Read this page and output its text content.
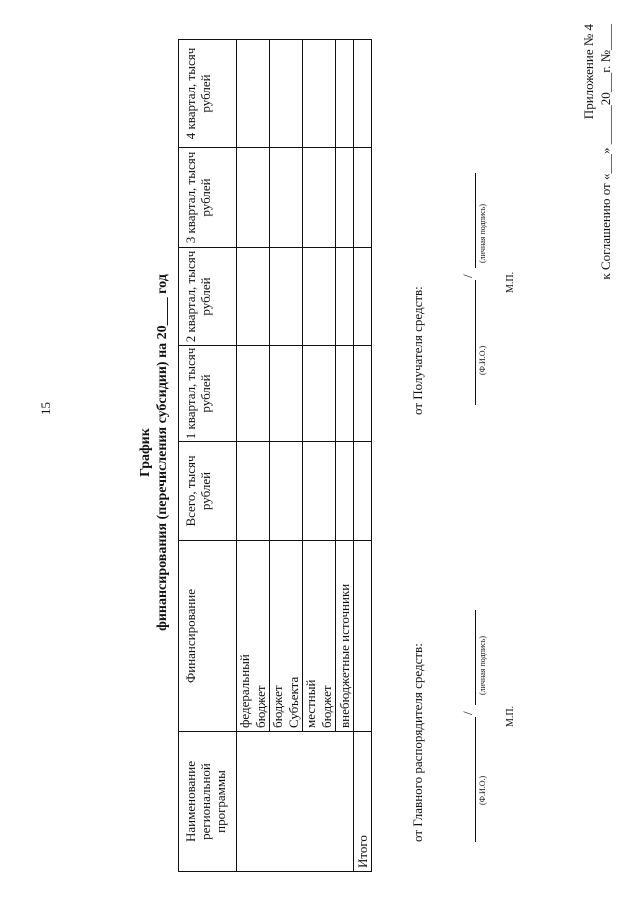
15
Приложение № 4 к Соглашению от «___» ______20___г. №____
График финансирования (перечисления субсидии) на 20____ год
Наименование региональной программы	Финансирование	Всего, тысяч рублей	1 квартал, тысяч рублей	2 квартал, тысяч рублей	3 квартал, тысяч рублей	4 квартал, тысяч рублей

	федеральный бюджет					

	бюджет Субъекта					

	местный бюджет					

	внебюджетные источники					
Итого						
от Главного распорядителя средств:	/
(Ф.И.О.)
(личная подпись)
М.П.
от Получателя средств:
/
(Ф.И.О.)
(личная подпись)
М.П.
